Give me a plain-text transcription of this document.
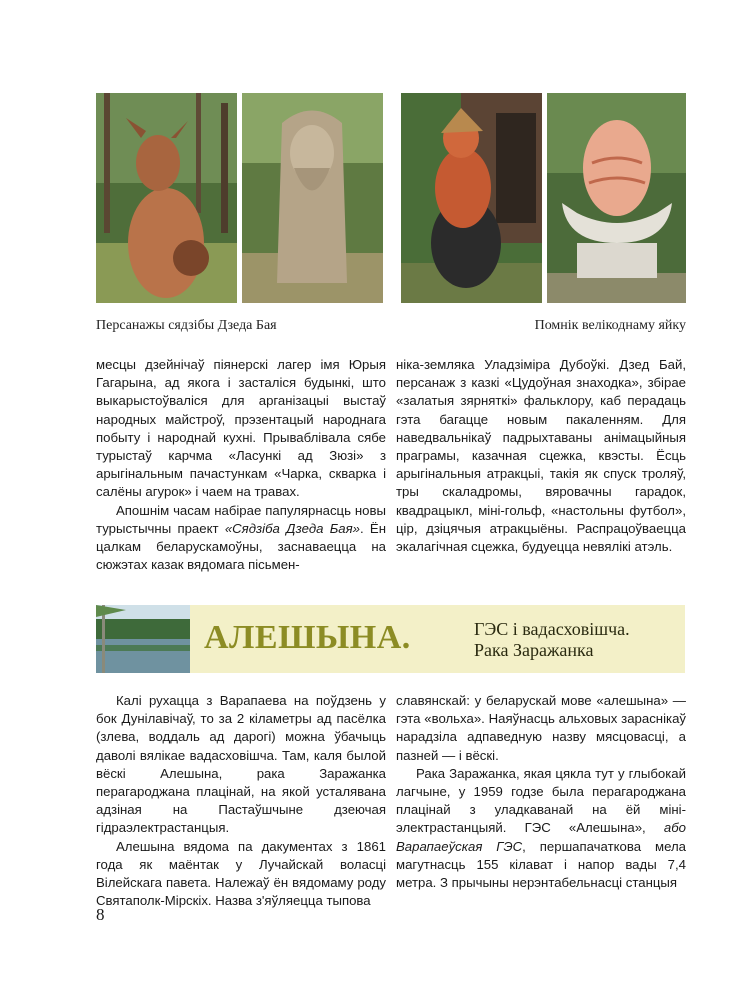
Персанажы сядзібы Дзеда Бая	Помнік велікоднаму яйку

месцы дзейнічаў піянерскі лагер імя Юрыя Гагарына, ад якога і засталіся будынкі, што выкарыстоўваліся для арганізацыі выстаў народных майстроў, прэзентацый народнага побыту і народнай кухні. Прываблівала сябе турыстаў карчма «Ласункі ад Зюзі» з арыгінальным пачастункам «Чарка, скварка і салёны агурок» і чаем на травах.

Апошнім часам набірае папулярнасць новы турыстычны праект «Сядзіба Дзеда Бая». Ён цалкам беларускамоўны, заснаваецца на сюжэтах казак вядомага пісьмен-

ніка-земляка Уладзіміра Дубоўкі. Дзед Бай, персанаж з казкі «Цудоўная знаходка», збірае «залатыя зярняткі» фальклору, каб перадаць гэта багацце новым пакаленням. Для наведвальнікаў падрыхтаваны анімацыйныя праграмы, казачная сцежка, квэсты. Ёсць арыгінальныя атракцыі, такія як спуск троляў, тры скаладромы, вяровачны гарадок, квадрацыкл, міні-гольф, «настольны футбол», цір, дзіцячыя атракцыёны. Распрацоўваецца экалагічная сцежка, будуецца невялікі атэль.

АЛЕШЫНА.	ГЭС і вадасховішча.
Рака Заражанка

Калі рухацца з Варапаева на поўдзень у бок Дунілавічаў, то за 2 кіламетры ад пасёлка (злева, воддаль ад дарогі) можна ўбачыць даволі вялікае вадасховішча. Там, каля былой вёскі Алешына, рака Заражанка перагароджана плацінай, на якой усталявана адзіная на Пастаўшчыне дзеючая гідраэлектрастанцыя.

Алешына вядома па дакументах з 1861 года як маёнтак у Лучайскай воласці Вілейскага павета. Належаў ён вядомаму роду Святаполк-Мірскіх. Назва з'яўляецца тыпова

славянскай: у беларускай мове «алешына» — гэта «вольха». Наяўнасць альховых зараснікаў нарадзіла адпаведную назву мясцовасці, а пазней — і вёскі.

Рака Заражанка, якая цякла тут у глыбокай лагчыне, у 1959 годзе была перагароджана плацінай з уладкаванай на ёй міні-электрастанцыяй. ГЭС «Алешына», або Варапаеўская ГЭС, першапачаткова мела магутнасць 155 кілават і напор вады 7,4 метра. З прычыны нерэнтабельнасці станцыя

8
